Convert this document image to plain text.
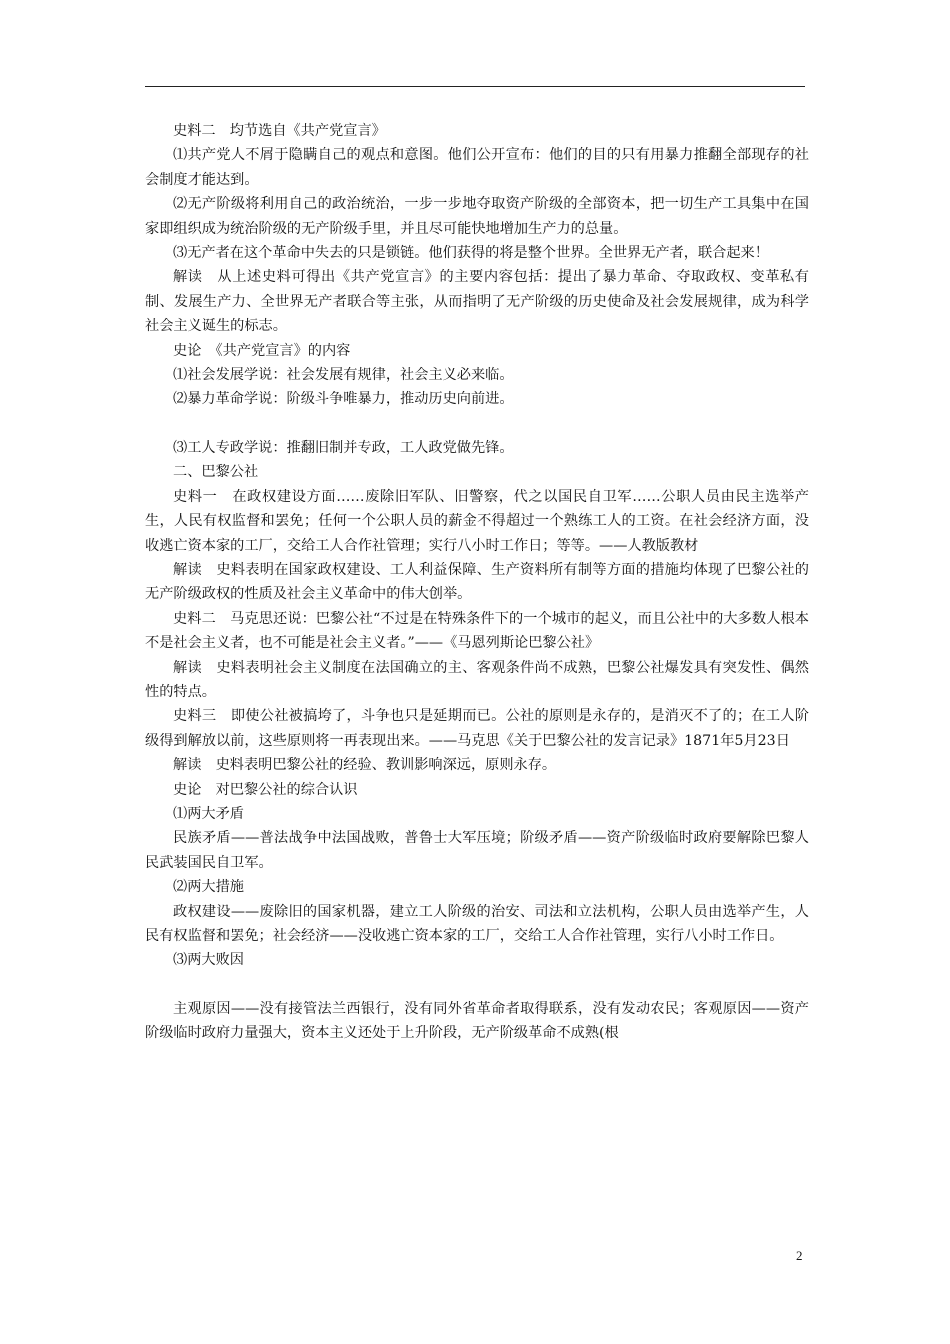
史料二　均节选自《共产党宣言》

⑴共产党人不屑于隐瞒自己的观点和意图。他们公开宣布：他们的目的只有用暴力推翻全部现存的社会制度才能达到。

⑵无产阶级将利用自己的政治统治，一步一步地夺取资产阶级的全部资本，把一切生产工具集中在国家即组织成为统治阶级的无产阶级手里，并且尽可能快地增加生产力的总量。

⑶无产者在这个革命中失去的只是锁链。他们获得的将是整个世界。全世界无产者，联合起来！

解读　从上述史料可得出《共产党宣言》的主要内容包括：提出了暴力革命、夺取政权、变革私有制、发展生产力、全世界无产者联合等主张，从而指明了无产阶级的历史使命及社会发展规律，成为科学社会主义诞生的标志。

史论　《共产党宣言》的内容

⑴社会发展学说：社会发展有规律，社会主义必来临。

⑵暴力革命学说：阶级斗争唯暴力，推动历史向前进。

⑶工人专政学说：推翻旧制并专政，工人政党做先锋。

二、巴黎公社

史料一　在政权建设方面……废除旧军队、旧警察，代之以国民自卫军……公职人员由民主选举产生，人民有权监督和罢免；任何一个公职人员的薪金不得超过一个熟练工人的工资。在社会经济方面，没收逃亡资本家的工厂，交给工人合作社管理；实行八小时工作日；等等。——人教版教材

解读　史料表明在国家政权建设、工人利益保障、生产资料所有制等方面的措施均体现了巴黎公社的无产阶级政权的性质及社会主义革命中的伟大创举。

史料二　马克思还说：巴黎公社“不过是在特殊条件下的一个城市的起义，而且公社中的大多数人根本不是社会主义者，也不可能是社会主义者。”——《马恩列斯论巴黎公社》

解读　史料表明社会主义制度在法国确立的主、客观条件尚不成熟，巴黎公社爆发具有突发性、偶然性的特点。

史料三　即使公社被搞垮了，斗争也只是延期而已。公社的原则是永存的，是消灭不了的；在工人阶级得到解放以前，这些原则将一再表现出来。——马克思《关于巴黎公社的发言记录》1871年5月23日

解读　史料表明巴黎公社的经验、教训影响深远，原则永存。

史论　对巴黎公社的综合认识

⑴两大矛盾

民族矛盾——普法战争中法国战败，普鲁士大军压境；阶级矛盾——资产阶级临时政府要解除巴黎人民武装国民自卫军。

⑵两大措施

政权建设——废除旧的国家机器，建立工人阶级的治安、司法和立法机构，公职人员由选举产生，人民有权监督和罢免；社会经济——没收逃亡资本家的工厂，交给工人合作社管理，实行八小时工作日。

⑶两大败因

主观原因——没有接管法兰西银行，没有同外省革命者取得联系，没有发动农民；客观原因——资产阶级临时政府力量强大，资本主义还处于上升阶段，无产阶级革命不成熟(根

2
